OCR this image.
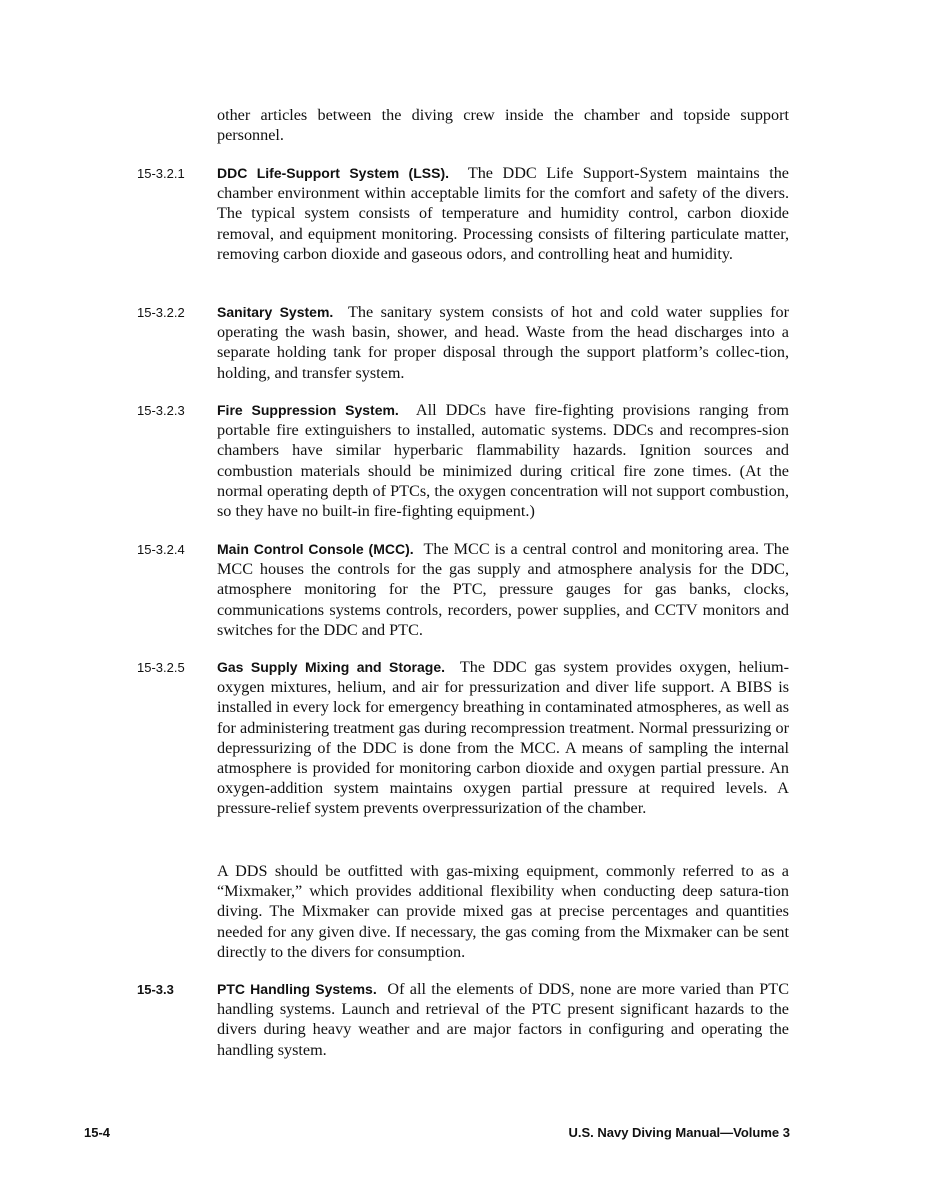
other articles between the diving crew inside the chamber and topside support personnel.

15-3.2.1 DDC Life-Support System (LSS). The DDC Life Support-System maintains the chamber environment within acceptable limits for the comfort and safety of the divers. The typical system consists of temperature and humidity control, carbon dioxide removal, and equipment monitoring. Processing consists of filtering particulate matter, removing carbon dioxide and gaseous odors, and controlling heat and humidity.

15-3.2.2 Sanitary System. The sanitary system consists of hot and cold water supplies for operating the wash basin, shower, and head. Waste from the head discharges into a separate holding tank for proper disposal through the support platform’s collec-tion, holding, and transfer system.

15-3.2.3 Fire Suppression System. All DDCs have fire-fighting provisions ranging from portable fire extinguishers to installed, automatic systems. DDCs and recompres-sion chambers have similar hyperbaric flammability hazards. Ignition sources and combustion materials should be minimized during critical fire zone times. (At the normal operating depth of PTCs, the oxygen concentration will not support combustion, so they have no built-in fire-fighting equipment.)

15-3.2.4 Main Control Console (MCC). The MCC is a central control and monitoring area. The MCC houses the controls for the gas supply and atmosphere analysis for the DDC, atmosphere monitoring for the PTC, pressure gauges for gas banks, clocks, communications systems controls, recorders, power supplies, and CCTV monitors and switches for the DDC and PTC.

15-3.2.5 Gas Supply Mixing and Storage. The DDC gas system provides oxygen, helium-oxygen mixtures, helium, and air for pressurization and diver life support. A BIBS is installed in every lock for emergency breathing in contaminated atmospheres, as well as for administering treatment gas during recompression treatment. Normal pressurizing or depressurizing of the DDC is done from the MCC. A means of sampling the internal atmosphere is provided for monitoring carbon dioxide and oxygen partial pressure. An oxygen-addition system maintains oxygen partial pressure at required levels. A pressure-relief system prevents overpressurization of the chamber.

A DDS should be outfitted with gas-mixing equipment, commonly referred to as a “Mixmaker,” which provides additional flexibility when conducting deep satura-tion diving. The Mixmaker can provide mixed gas at precise percentages and quantities needed for any given dive. If necessary, the gas coming from the Mixmaker can be sent directly to the divers for consumption.

15-3.3	PTC Handling Systems. Of all the elements of DDS, none are more varied than PTC handling systems. Launch and retrieval of the PTC present significant hazards to the divers during heavy weather and are major factors in configuring and operating the handling system.

15-4	U.S. Navy Diving Manual—Volume 3
